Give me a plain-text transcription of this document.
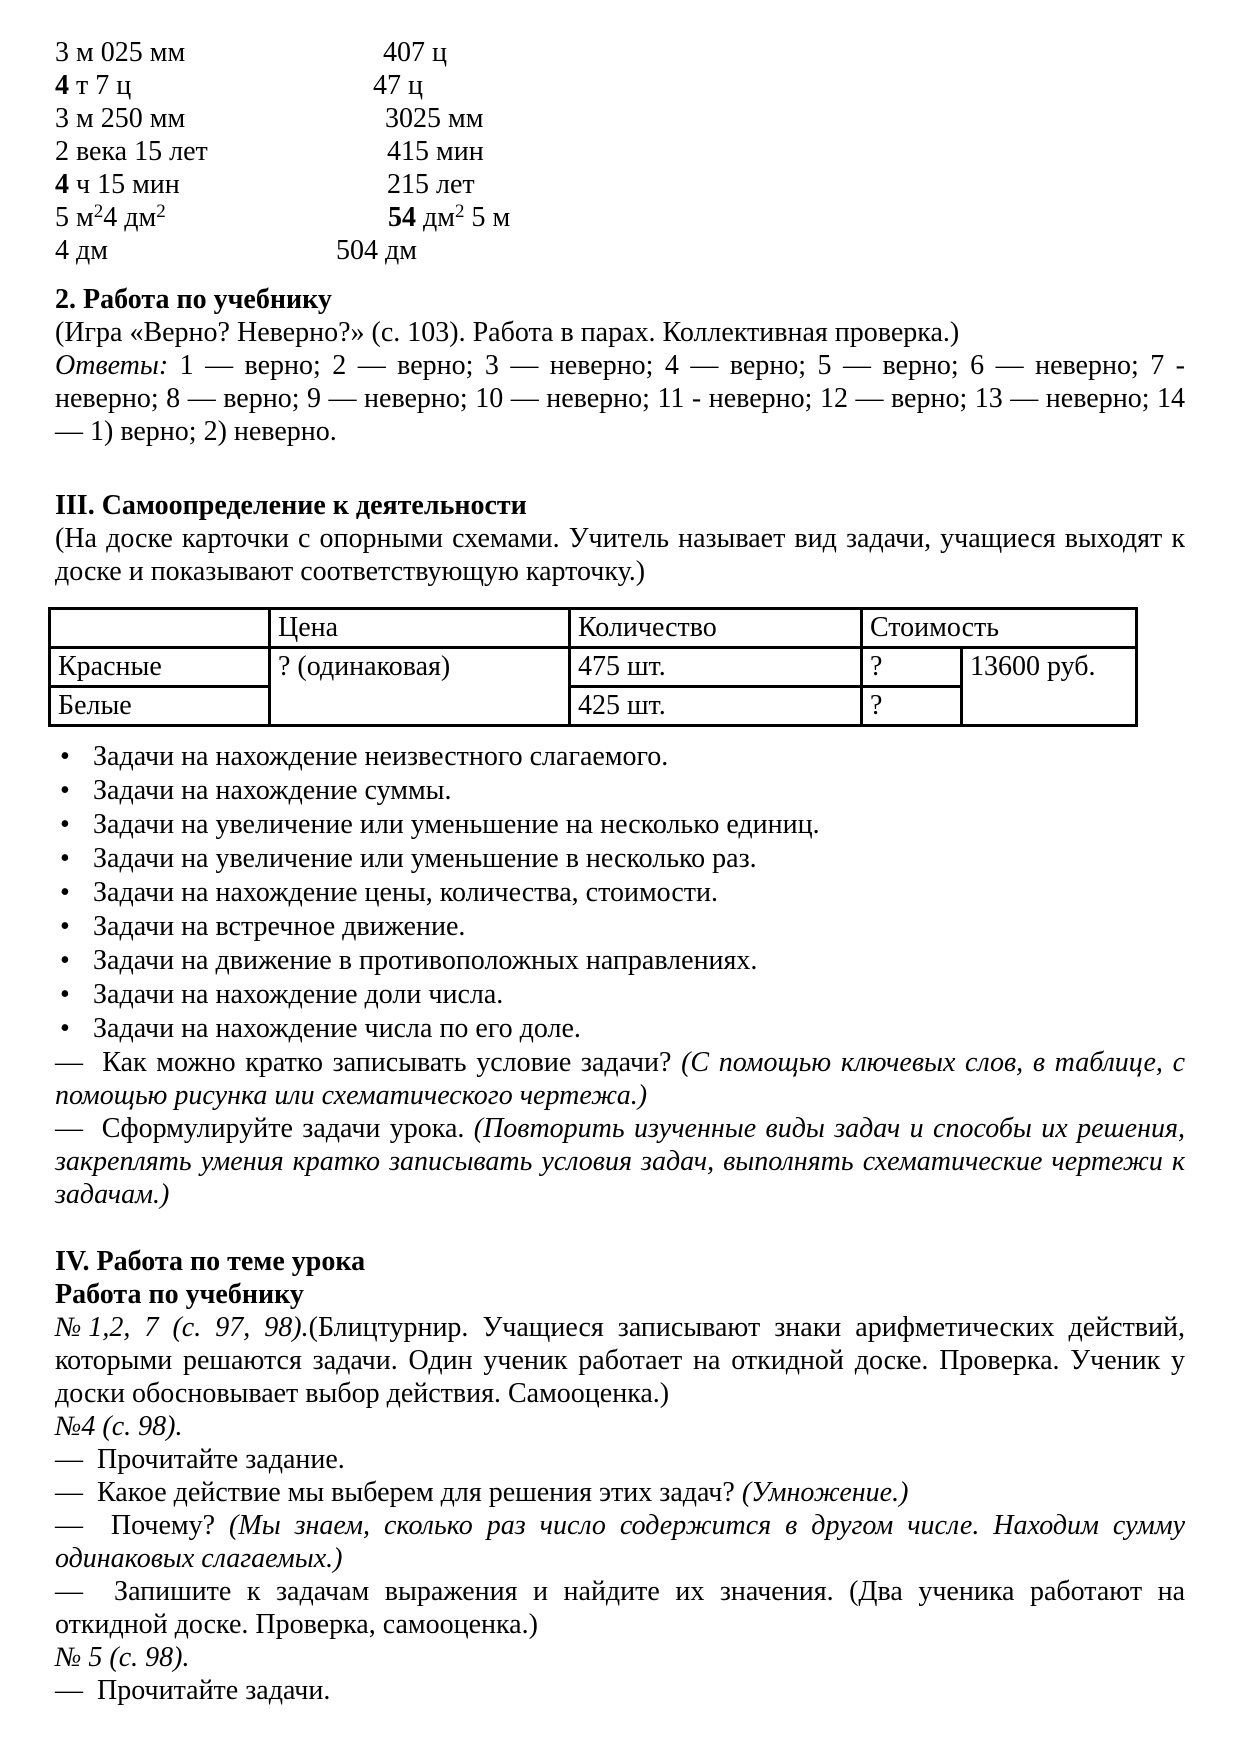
3 м 025 мм	407 ц
4 т 7 ц	47 ц
3 м 250 мм	3025 мм
2 века 15 лет	415 мин
4 ч 15 мин	215 лет
5 $м^24$ $дм^2$	54 $дм^2$ 5 м
4 дм	504 дм
2. Работа по учебнику

(Игра «Верно? Неверно?» (с. 103). Работа в парах. Коллективная проверка.)

Ответы: 1 — верно; 2 — верно; 3 — неверно; 4 — верно; 5 — верно; 6 — неверно; 7 - неверно; 8 — верно; 9 — неверно; 10 — неверно; 11 - неверно; 12 — верно; 13 — неверно; 14 — 1) верно; 2) неверно.

III. Самоопределение к деятельности

(На доске карточки с опорными схемами. Учитель называет вид задачи, учащиеся выходят к доске и показывают соответствующую карточку.)

	Цена	Количество	Стоимость	
Красные	? (одинаковая)	475 шт.	?	13600 руб.
Белые		425 шт.	?	
• Задачи на нахождение неизвестного слагаемого.
• Задачи на нахождение суммы.
• Задачи на увеличение или уменьшение на несколько единиц.
• Задачи на увеличение или уменьшение в несколько раз.
• Задачи на нахождение цены, количества, стоимости.
• Задачи на встречное движение.
• Задачи на движение в противоположных направлениях.
• Задачи на нахождение доли числа.
• Задачи на нахождение числа по его доле.

—  Как можно кратко записывать условие задачи? (С помощью ключевых слов, в таблице, с помощью рисунка или схематического чертежа.)

—  Сформулируйте задачи урока. (Повторить изученные виды задач и способы их решения, закреплять умения кратко записывать условия задач, выполнять схематические чертежи к задачам.)

IV. Работа по теме урока
Работа по учебнику

№1,2, 7 (с. 97, 98).(Блицтурнир. Учащиеся записывают знаки арифметических действий, которыми решаются задачи. Один ученик работает на откидной доске. Проверка. Ученик у доски обосновывает выбор действия. Самооценка.)

№4 (с. 98).

—  Прочитайте задание.

—  Какое действие мы выберем для решения этих задач? (Умножение.)

—  Почему? (Мы знаем, сколько раз число содержится в другом числе. Находим сумму одинаковых слагаемых.)

—  Запишите к задачам выражения и найдите их значения. (Два ученика работают на откидной доске. Проверка, самооценка.)

№ 5 (с. 98).

—  Прочитайте задачи.
